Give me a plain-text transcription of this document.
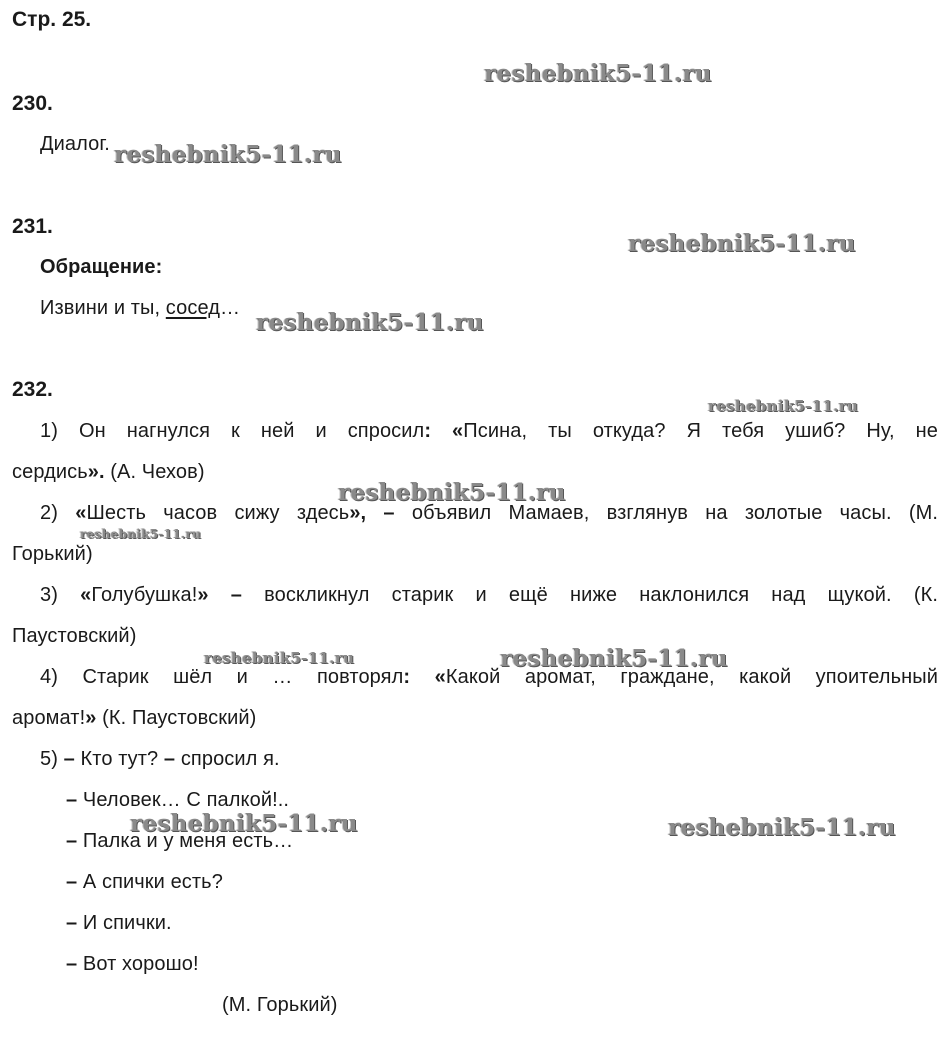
Стр. 25.
230.
Диалог.
231.
Обращение:
Извини и ты, сосед…
232.
1) Он нагнулся к ней и спросил: «Псина, ты откуда? Я тебя ушиб? Ну, не
сердись». (А. Чехов)
2) «Шесть часов сижу здесь», – объявил Мамаев, взглянув на золотые часы. (М.
Горький)
3) «Голубушка!» – воскликнул старик и ещё ниже наклонился над щукой. (К.
Паустовский)
4) Старик шёл и … повторял: «Какой аромат, граждане, какой упоительный
аромат!» (К. Паустовский)
5) – Кто тут? – спросил я.
– Человек… С палкой!..
– Палка и у меня есть…
– А спички есть?
– И спички.
– Вот хорошо!
(М. Горький)
reshebnik5-11.ru
reshebnik5-11.ru
reshebnik5-11.ru
reshebnik5-11.ru
reshebnik5-11.ru
reshebnik5-11.ru
reshebnik5-11.ru
reshebnik5-11.ru	reshebnik5-11.ru
reshebnik5-11.ru	reshebnik5-11.ru
